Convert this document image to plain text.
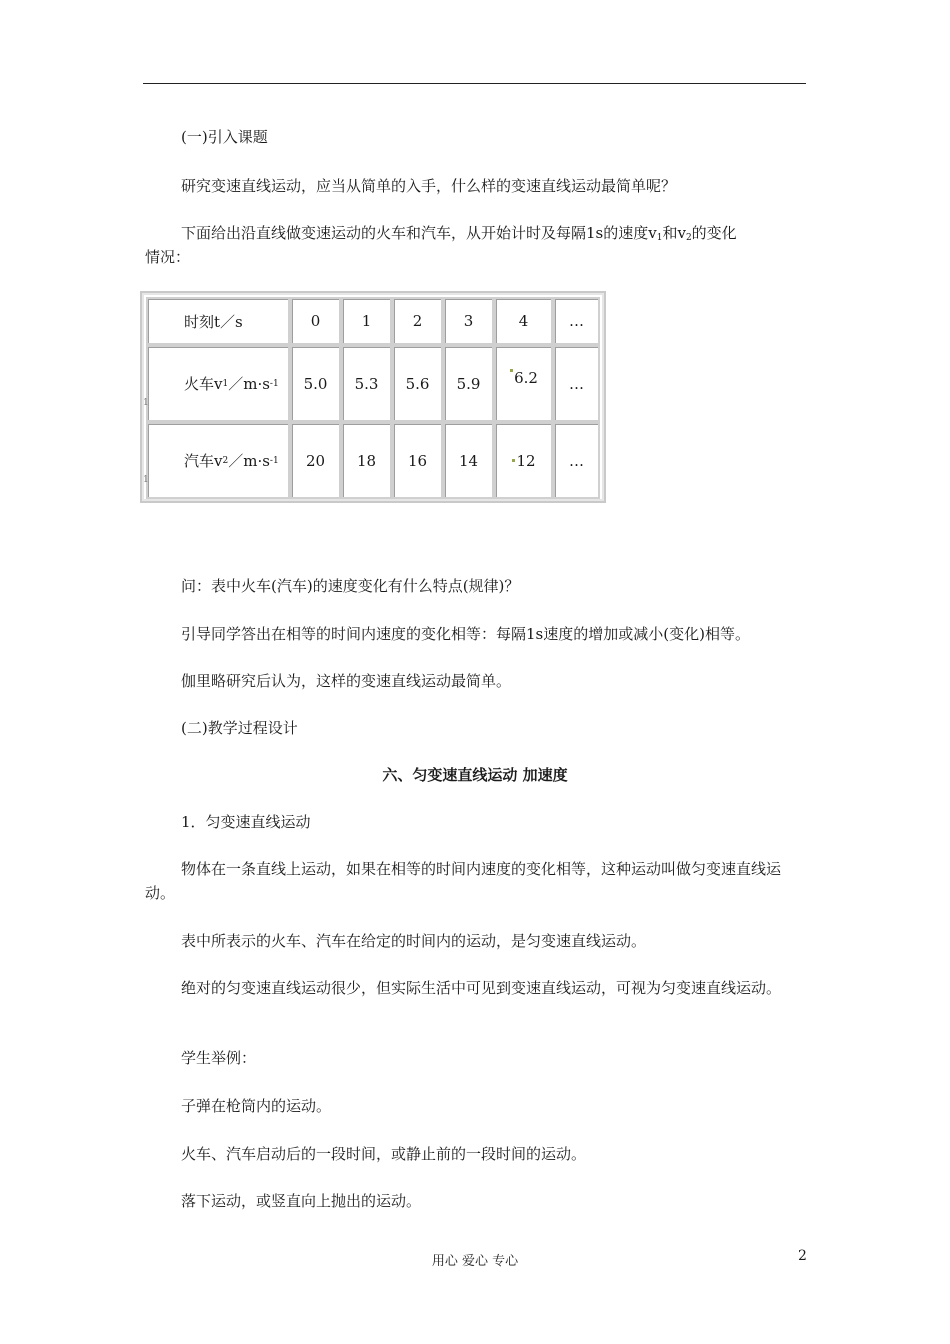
(一)引入课题
研究变速直线运动，应当从简单的入手，什么样的变速直线运动最简单呢？
下面给出沿直线做变速运动的火车和汽车，从开始计时及每隔1s的速度$v_1$和$v_2$的变化
情况：
时刻t／s	0	1	2	3	4	…
火车v 1 ／m·s -1	5.0	5.3	5.6	5.9	6.2	…
汽车v 2 ／m·s -1	20	18	16	14	12	…
1
1
问：表中火车(汽车)的速度变化有什么特点(规律)？
引导同学答出在相等的时间内速度的变化相等：每隔1s速度的增加或减小(变化)相等。
伽里略研究后认为，这样的变速直线运动最简单。
(二)教学过程设计
六、匀变速直线运动 加速度
1．匀变速直线运动
物体在一条直线上运动，如果在相等的时间内速度的变化相等，这种运动叫做匀变速直线运动。
表中所表示的火车、汽车在给定的时间内的运动，是匀变速直线运动。
绝对的匀变速直线运动很少，但实际生活中可见到变速直线运动，可视为匀变速直线运动。
学生举例：
子弹在枪筒内的运动。
火车、汽车启动后的一段时间，或静止前的一段时间的运动。
落下运动，或竖直向上抛出的运动。
用心 爱心 专心	2
